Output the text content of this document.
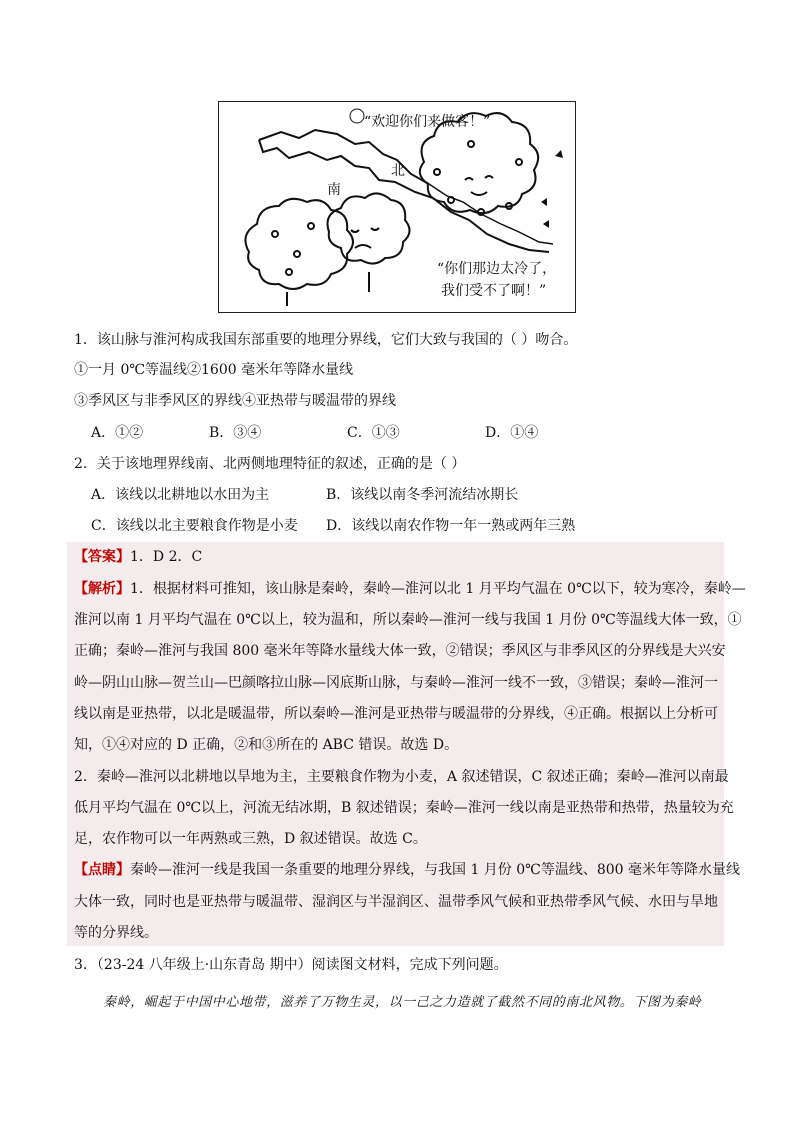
“欢迎你们来做客！”
北
南
“你们那边太冷了，
我们受不了啊！”
1．该山脉与淮河构成我国东部重要的地理分界线，它们大致与我国的（ ）吻合。
①一月 0℃等温线②1600 毫米年等降水量线
③季风区与非季风区的界线④亚热带与暖温带的界线
A．①②	B．③④	C．①③	D．①④
2．关于该地理界线南、北两侧地理特征的叙述，正确的是（ ）
A．该线以北耕地以水田为主	B．该线以南冬季河流结冰期长
C．该线以北主要粮食作物是小麦 D．该线以南农作物一年一熟或两年三熟
【答案】1．D 2．C
【解析】1．根据材料可推知，该山脉是秦岭，秦岭—淮河以北 1 月平均气温在 0℃以下，较为寒冷，秦岭—
淮河以南 1 月平均气温在 0℃以上，较为温和，所以秦岭—淮河一线与我国 1 月份 0℃等温线大体一致，①
正确；秦岭—淮河与我国 800 毫米年等降水量线大体一致，②错误；季风区与非季风区的分界线是大兴安
岭—阴山山脉—贺兰山—巴颜喀拉山脉—冈底斯山脉，与秦岭—淮河一线不一致，③错误；秦岭—淮河一
线以南是亚热带，以北是暖温带，所以秦岭—淮河是亚热带与暖温带的分界线，④正确。根据以上分析可
知，①④对应的 D 正确，②和③所在的 ABC 错误。故选 D。
2．秦岭—淮河以北耕地以旱地为主，主要粮食作物为小麦，A 叙述错误，C 叙述正确；秦岭—淮河以南最
低月平均气温在 0℃以上，河流无结冰期，B 叙述错误；秦岭—淮河一线以南是亚热带和热带，热量较为充
足，农作物可以一年两熟或三熟，D 叙述错误。故选 C。
【点睛】秦岭—淮河一线是我国一条重要的地理分界线，与我国 1 月份 0℃等温线、800 毫米年等降水量线
大体一致，同时也是亚热带与暖温带、湿润区与半湿润区、温带季风气候和亚热带季风气候、水田与旱地
等的分界线。
3．（23-24 八年级上·山东青岛 期中）阅读图文材料，完成下列问题。
秦岭，崛起于中国中心地带，滋养了万物生灵，以一己之力造就了截然不同的南北风物。下图为秦岭
